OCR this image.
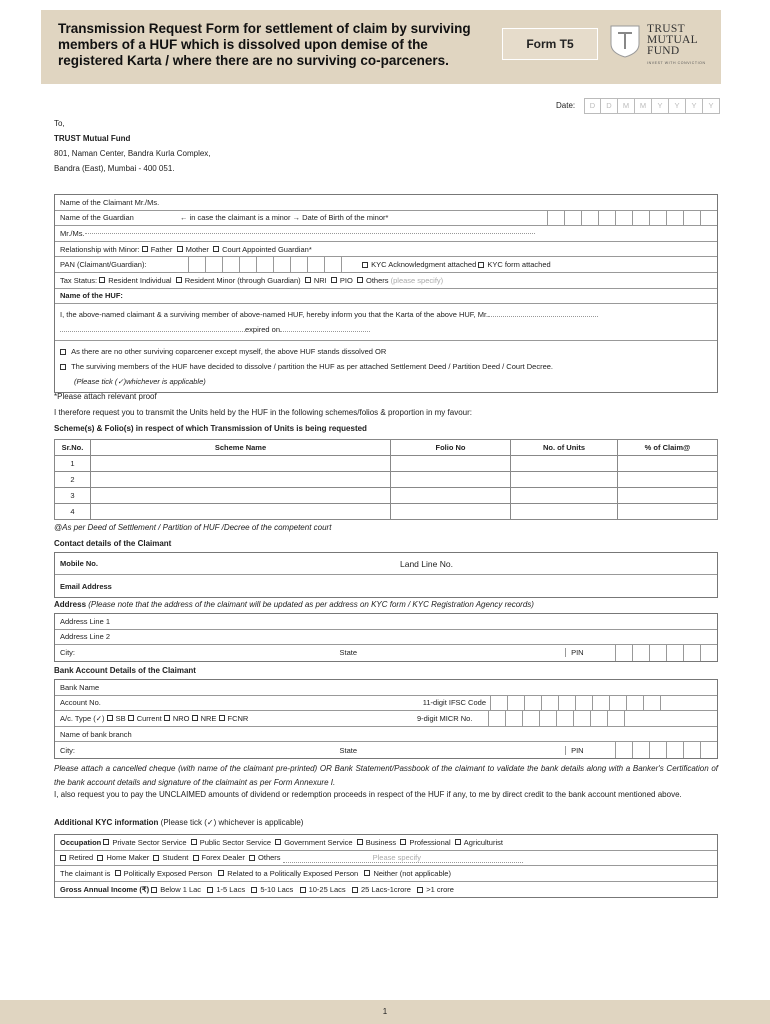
Transmission Request Form for settlement of claim by surviving members of a HUF which is dissolved upon demise of the registered Karta / where there are no surviving co-parceners.
Form T5
TRUST
MUTUAL
FUND
INVEST WITH CONVICTION
Date:	D	D	M	M	Y	Y	Y	Y
To,
TRUST Mutual Fund
801, Naman Center, Bandra Kurla Complex,
Bandra (East), Mumbai - 400 051.
Name of the Claimant Mr./Ms.
Name of the Guardian	← in case the claimant is a minor → Date of Birth of the minor*
Mr./Ms.
Relationship with Minor:
Father
Mother
Court Appointed Guardian*
PAN (Claimant/Guardian):
	KYC Acknowledgment attached
KYC form attached
Tax Status:
Resident Individual
Resident Minor (through Guardian)
NRI
PIO
Others
(please specify)
Name of the HUF:
I, the above-named claimant & a surviving member of above-named HUF, hereby inform you that the Karta of the above HUF, Mr.
expired on
As there are no other surviving coparcener except myself, the above HUF stands dissolved OR
The surviving members of the HUF have decided to dissolve / partition the HUF as per attached Settlement Deed / Partition Deed / Court Decree.
(Please tick (✓)whichever is applicable)
*Please attach relevant proof
I therefore request you to transmit the Units held by the HUF in the following schemes/folios & proportion in my favour:
Scheme(s) & Folio(s) in respect of which Transmission of Units is being requested
Sr.No.	Scheme Name	Folio No	No. of Units	% of Claim@
1				
2				
3				
4				
@As per Deed of Settlement / Partition of HUF /Decree of the competent court
Contact details of the Claimant
Mobile No.	Land Line No.
Email Address
Address (Please note that the address of the claimant will be updated as per address on KYC form / KYC Registration Agency records)
Address Line 1
Address Line 2
City:	State	PIN
Bank Account Details of the Claimant
Bank Name
Account No.	11-digit IFSC Code
A/c. Type (✓)
SB
Current
NRO
NRE
FCNR	9-digit MICR No.
Name of bank branch
City:	State	PIN
Please attach a cancelled cheque (with name of the claimant pre-printed) OR Bank Statement/Passbook of the claimant to validate the bank details along with a Banker's Certification of the bank account details and signature of the claimaint as per Form Annexure I.
I, also request you to pay the UNCLAIMED amounts of dividend or redemption proceeds in respect of the HUF if any, to me by direct credit to the bank account mentioned above.
Additional KYC information (Please tick (✓) whichever is applicable)
Occupation
Private Sector Service
Public Sector Service
Government Service
Business
Professional
Agriculturist
Retired
Home Maker
Student
Forex Dealer
Others
	Please specify
The claimant is
Politically Exposed Person
Related to a Politically Exposed Person
Neither (not applicable)
Gross Annual Income (₹)
Below 1 Lac
1-5 Lacs
5-10 Lacs
10-25 Lacs
25 Lacs-1crore
>1 crore
1
